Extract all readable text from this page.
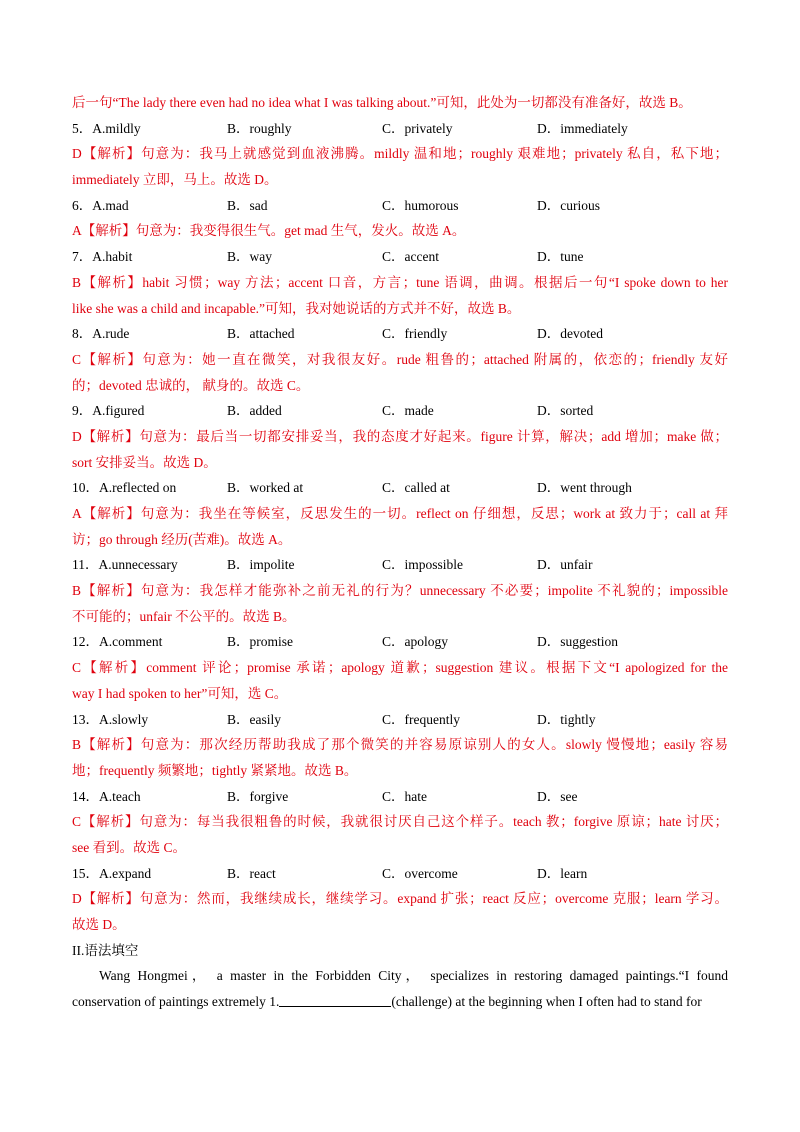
后一句“The lady there even had no idea what I was talking about.”可知，此处为一切都没有准备好，故选 B。
5．A.mildly	B．roughly	C．privately	D．immediately
D【解析】句意为：我马上就感觉到血液沸腾。mildly 温和地；roughly 艰难地；privately 私自，私下地；
immediately 立即，马上。故选 D。
6．A.mad	B．sad	C．humorous	D．curious
A【解析】句意为：我变得很生气。get mad 生气，发火。故选 A。
7．A.habit	B．way	C．accent	D．tune
B【解析】habit 习惯；way 方法；accent 口音，方言；tune 语调，曲调。根据后一句“I spoke down to her
like she was a child and incapable.”可知，我对她说话的方式并不好，故选 B。
8．A.rude	B．attached	C．friendly	D．devoted
C【解析】句意为：她一直在微笑，对我很友好。rude 粗鲁的；attached 附属的，依恋的；friendly 友好
的；devoted 忠诚的， 献身的。故选 C。
9．A.figured	B．added	C．made	D．sorted
D【解析】句意为：最后当一切都安排妥当，我的态度才好起来。figure 计算，解决；add 增加；make 做；
sort 安排妥当。故选 D。
10．A.reflected on	B．worked at	C．called at	D．went through
A【解析】句意为：我坐在等候室，反思发生的一切。reflect on 仔细想，反思；work at 致力于；call at 拜
访；go through 经历(苦难)。故选 A。
11．A.unnecessary	B．impolite	C．impossible	D．unfair
B【解析】句意为：我怎样才能弥补之前无礼的行为？unnecessary 不必要；impolite 不礼貌的；impossible
不可能的；unfair 不公平的。故选 B。
12．A.comment	B．promise	C．apology	D．suggestion
C【解析】comment 评论；promise 承诺；apology 道歉；suggestion 建议。根据下文“I apologized for the
way I had spoken to her”可知，选 C。
13．A.slowly	B．easily	C．frequently	D．tightly
B【解析】句意为：那次经历帮助我成了那个微笑的并容易原谅别人的女人。slowly 慢慢地；easily 容易
地；frequently 频繁地；tightly 紧紧地。故选 B。
14．A.teach	B．forgive	C．hate	D．see
C【解析】句意为：每当我很粗鲁的时候，我就很讨厌自己这个样子。teach 教；forgive 原谅；hate 讨厌；
see 看到。故选 C。
15．A.expand	B．react	C．overcome	D．learn
D【解析】句意为：然而，我继续成长，继续学习。expand 扩张；react 反应；overcome 克服；learn 学习。
故选 D。
II.语法填空
Wang Hongmei， a master in the Forbidden City， specializes in restoring damaged paintings.“I found
conservation of paintings extremely 1.	(challenge) at the beginning when I often had to stand for
